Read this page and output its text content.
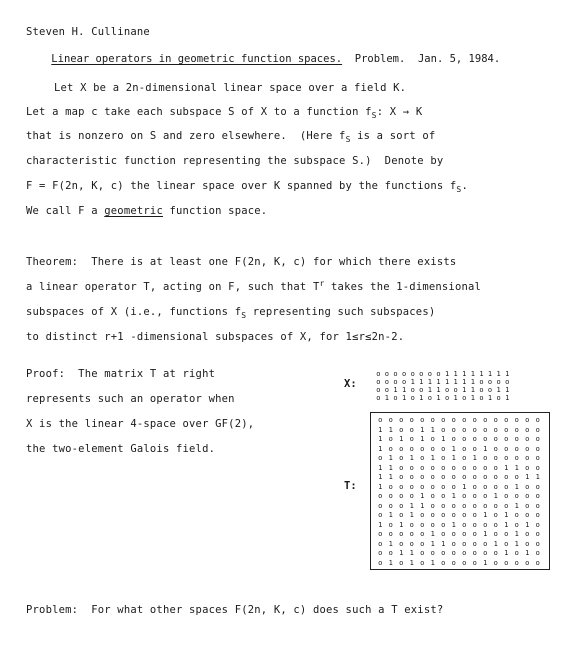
Steven H. Cullinane

Linear operators in geometric function spaces. Problem. Jan. 5, 1984.

Let X be a 2n-dimensional linear space over a field K.
Let a map c take each subspace S of X to a function $f_S$: X → K
that is nonzero on S and zero elsewhere.  (Here $f_S$ is a sort of
characteristic function representing the subspace S.)  Denote by
F = F(2n, K, c) the linear space over K spanned by the functions $f_S$.
We call F a geometric function space.
Theorem:  There is at least one F(2n, K, c) for which there exists
a linear operator T, acting on F, such that $T^r$ takes the 1-dimensional
subspaces of X (i.e., functions $f_S$ representing such subspaces)
to distinct r+1 -dimensional subspaces of X, for 1≤r≤2n-2.
Proof:  The matrix T at right
represents such an operator when
X is the linear 4-space over GF(2),
the two-element Galois field.
X:
o o o o o o o o 1 1 1 1 1 1 1 1
o o o o 1 1 1 1 1 1 1 1 o o o o
o o 1 1 o o 1 1 o o 1 1 o o 1 1
o 1 o 1 o 1 o 1 o 1 o 1 o 1 o 1
T:
o o o o o o o o o o o o o o o o
1 1 o o 1 1 o o o o o o o o o o
1 o 1 o 1 o 1 o o o o o o o o o
1 o o o o o o 1 o o 1 o o o o o
o 1 o 1 o 1 o 1 o 1 o o o o o o
1 1 o o o o o o o o o o 1 1 o o
1 1 o o o o o o o o o o o o 1 1
1 o o o o o o o 1 o o o o 1 o o
o o o o 1 o o 1 o o o 1 o o o o
o o o 1 1 o o o o o o o o 1 o o
o 1 o 1 o o o o o o 1 o 1 o o o
1 o 1 o o o o 1 o o o o 1 o 1 o
o o o o o 1 o o o o 1 o o 1 o o
o 1 o o o 1 1 o o o o 1 o 1 o o
o o 1 1 o o o o o o o o 1 o 1 o
o 1 o 1 o 1 o o o o 1 o o o o o
Problem:  For what other spaces F(2n, K, c) does such a T exist?
